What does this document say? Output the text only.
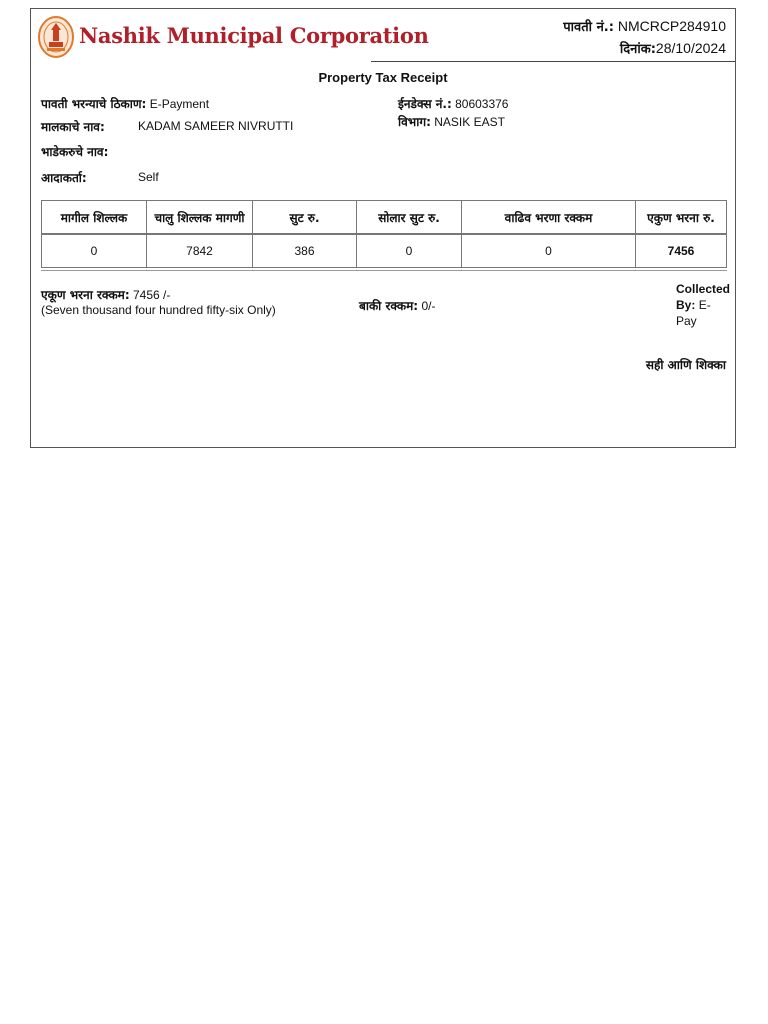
Nashik Municipal Corporation	पावती नं.: NMCRCP284910
दिनांक:28/10/2024
Property Tax Receipt
पावती भरन्याचे ठिकाण: E-Payment
मालकाचे नाव:	KADAM SAMEER NIVRUTTI
भाडेकरुचे नाव:
आदाकर्ता:	Self
ईनडेक्स नं.: 80603376
विभाग: NASIK EAST
मागील शिल्लक	चालु शिल्लक मागणी	सुट रु.	सोलार सुट रु.	वाढिव भरणा रक्कम	एकुण भरना रु.
0	7842	386	0	0	7456
एकूण भरना रक्कम: 7456 /-
(Seven thousand four hundred fifty-six Only)	बाकी रक्कम: 0/-
Collected
By: E-
Pay
सही आणि शिक्का
